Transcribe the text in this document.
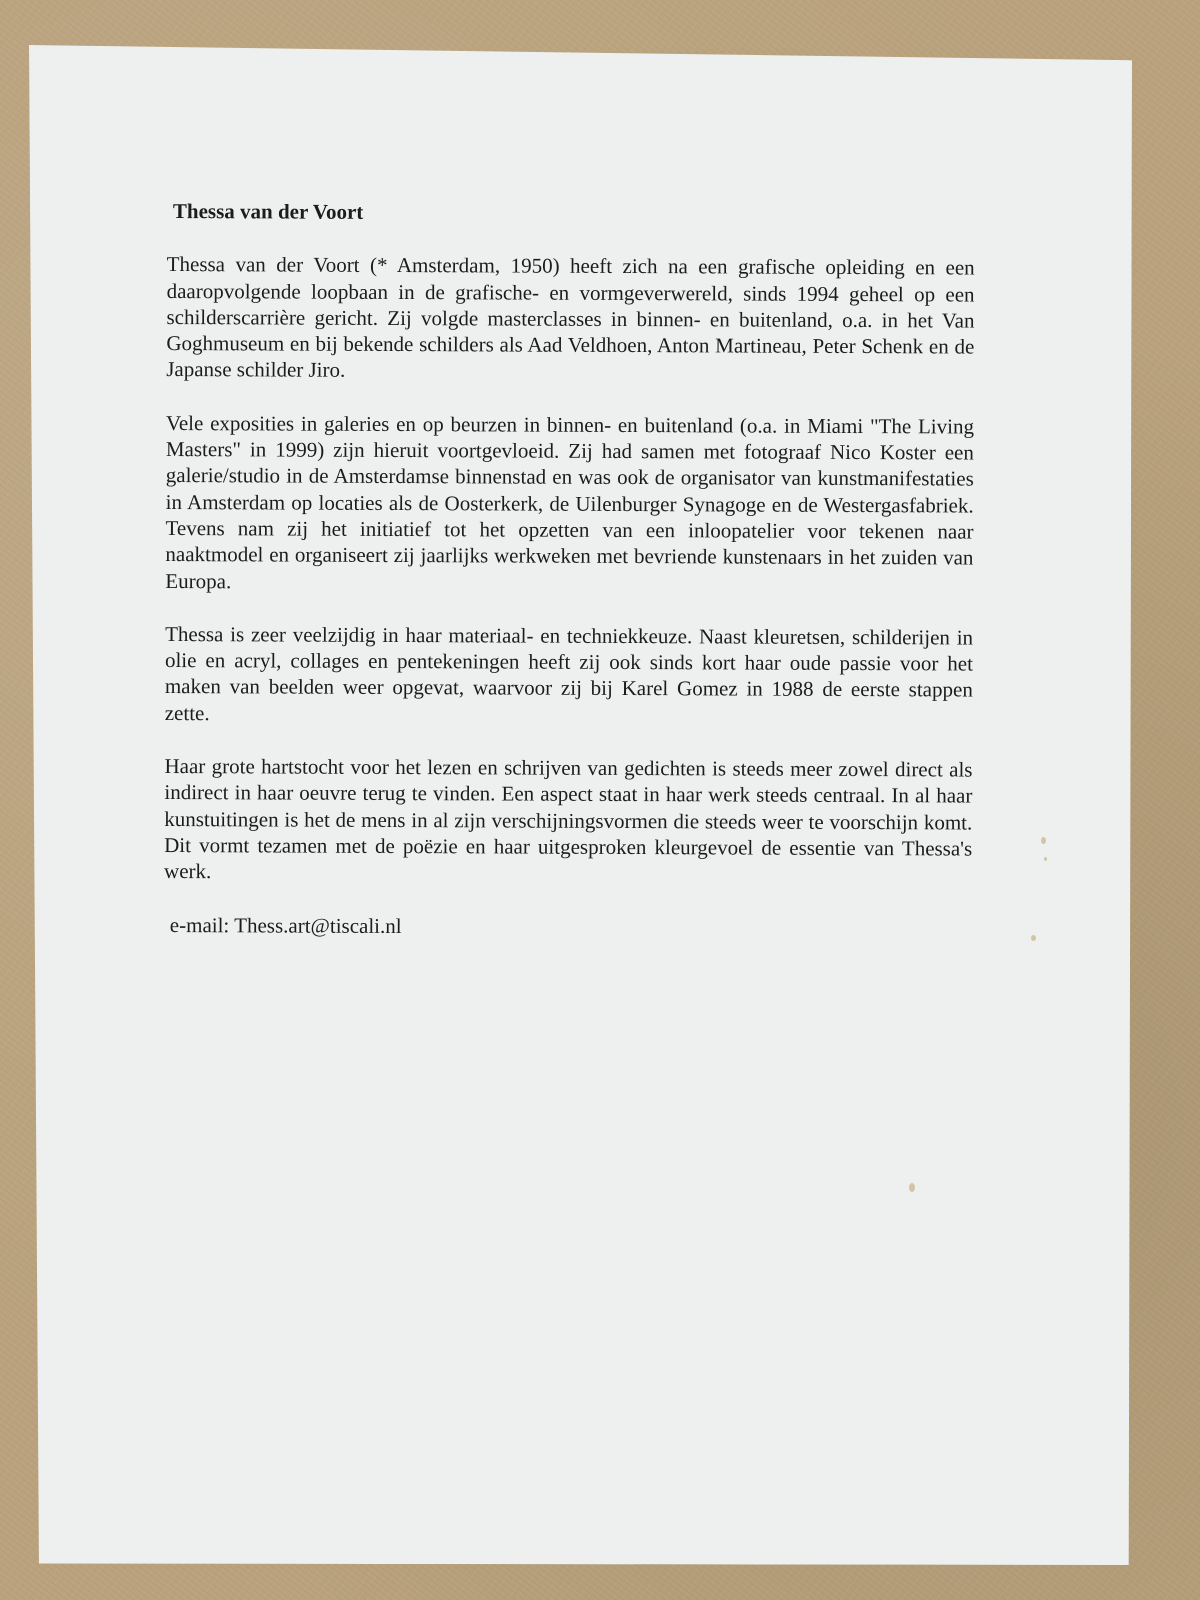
Thessa van der Voort

Thessa van der Voort (* Amsterdam, 1950) heeft zich na een grafische opleiding en een daaropvolgende loopbaan in de grafische- en vormgeverwereld, sinds 1994 geheel op een schilderscarrière gericht. Zij volgde masterclasses in binnen- en buitenland, o.a. in het Van Goghmuseum en bij bekende schilders als Aad Veldhoen, Anton Martineau, Peter Schenk en de Japanse schilder Jiro.

Vele exposities in galeries en op beurzen in binnen- en buitenland (o.a. in Miami "The Living Masters" in 1999) zijn hieruit voortgevloeid. Zij had samen met fotograaf Nico Koster een galerie/studio in de Amsterdamse binnenstad en was ook de organisator van kunstmanifestaties in Amsterdam op locaties als de Oosterkerk, de Uilenburger Synagoge en de Westergasfabriek. Tevens nam zij het initiatief tot het opzetten van een inloopatelier voor tekenen naar naaktmodel en organiseert zij jaarlijks werkweken met bevriende kunstenaars in het zuiden van Europa.

Thessa is zeer veelzijdig in haar materiaal- en techniekkeuze. Naast kleuretsen, schilderijen in olie en acryl, collages en pentekeningen heeft zij ook sinds kort haar oude passie voor het maken van beelden weer opgevat, waarvoor zij bij Karel Gomez in 1988 de eerste stappen zette.

Haar grote hartstocht voor het lezen en schrijven van gedichten is steeds meer zowel direct als indirect in haar oeuvre terug te vinden. Een aspect staat in haar werk steeds centraal. In al haar kunstuitingen is het de mens in al zijn verschijningsvormen die steeds weer te voorschijn komt. Dit vormt tezamen met de poëzie en haar uitgesproken kleurgevoel de essentie van Thessa's werk.

e-mail: Thess.art@tiscali.nl
